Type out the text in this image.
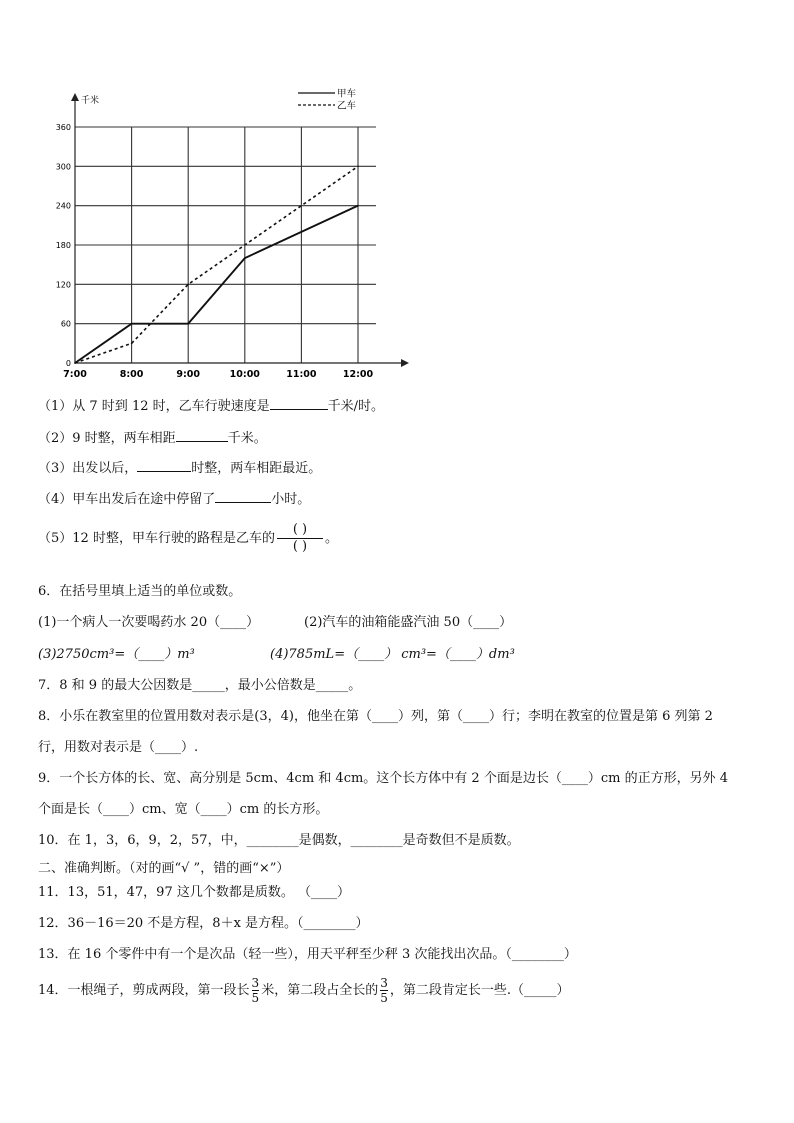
千米
0
60
120
180
240
300
360
7:00	8:00	9:00	10:00	11:00	12:00
甲车
乙车
（1）从 7 时到 12 时，乙车行驶速度是	千米/时。
（2）9 时整，两车相距	千米。
（3）出发以后，	时整，两车相距最近。
（4）甲车出发后在途中停留了	小时。
（5）12 时整，甲车行驶的路程是乙车的 $\frac{( )}{( )}$ 。
6．在括号里填上适当的单位或数。
(1)一个病人一次要喝药水 20（____）	(2)汽车的油箱能盛汽油 50（____）
(3)2750cm³=（____）m³	(4)785mL=（____） cm³=（____）dm³
7．8 和 9 的最大公因数是_____，最小公倍数是_____。
8．小乐在教室里的位置用数对表示是(3，4)，他坐在第（____）列，第（____）行；李明在教室的位置是第 6 列第 2
行，用数对表示是（____）.
9．一个长方体的长、宽、高分别是 5cm、4cm 和 4cm。这个长方体中有 2 个面是边长（____）cm 的正方形，另外 4
个面是长（____）cm、宽（____）cm 的长方形。
10．在 1，3，6，9，2，57，中，________是偶数，________是奇数但不是质数。
二、准确判断。（对的画“√ ”，错的画“×”）
11．13，51，47，97 这几个数都是质数。 （____）
12．36－16＝20 不是方程，8＋x 是方程。（________）
13．在 16 个零件中有一个是次品（轻一些），用天平秤至少秤 3 次能找出次品。（________）
14．一根绳子，剪成两段，第一段长 $\frac{3}{5}$ 米，第二段占全长的 $\frac{3}{5}$ ，第二段肯定长一些.（_____）
